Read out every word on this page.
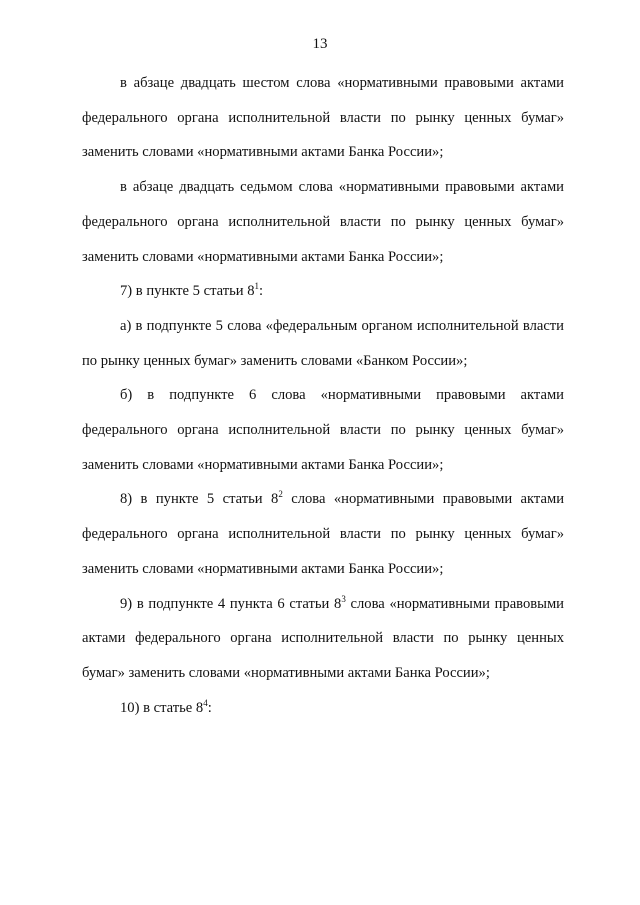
13

в абзаце двадцать шестом слова «нормативными правовыми актами федерального органа исполнительной власти по рынку ценных бумаг» заменить словами «нормативными актами Банка России»;

в абзаце двадцать седьмом слова «нормативными правовыми актами федерального органа исполнительной власти по рынку ценных бумаг» заменить словами «нормативными актами Банка России»;

7) в пункте 5 статьи $8^1$:

а) в подпункте 5 слова «федеральным органом исполнительной власти по рынку ценных бумаг» заменить словами «Банком России»;

б) в подпункте 6 слова «нормативными правовыми актами федерального органа исполнительной власти по рынку ценных бумаг» заменить словами «нормативными актами Банка России»;

8) в пункте 5 статьи $8^2$ слова «нормативными правовыми актами федерального органа исполнительной власти по рынку ценных бумаг» заменить словами «нормативными актами Банка России»;

9) в подпункте 4 пункта 6 статьи $8^3$ слова «нормативными правовыми актами федерального органа исполнительной власти по рынку ценных бумаг» заменить словами «нормативными актами Банка России»;

10) в статье $8^4$:
